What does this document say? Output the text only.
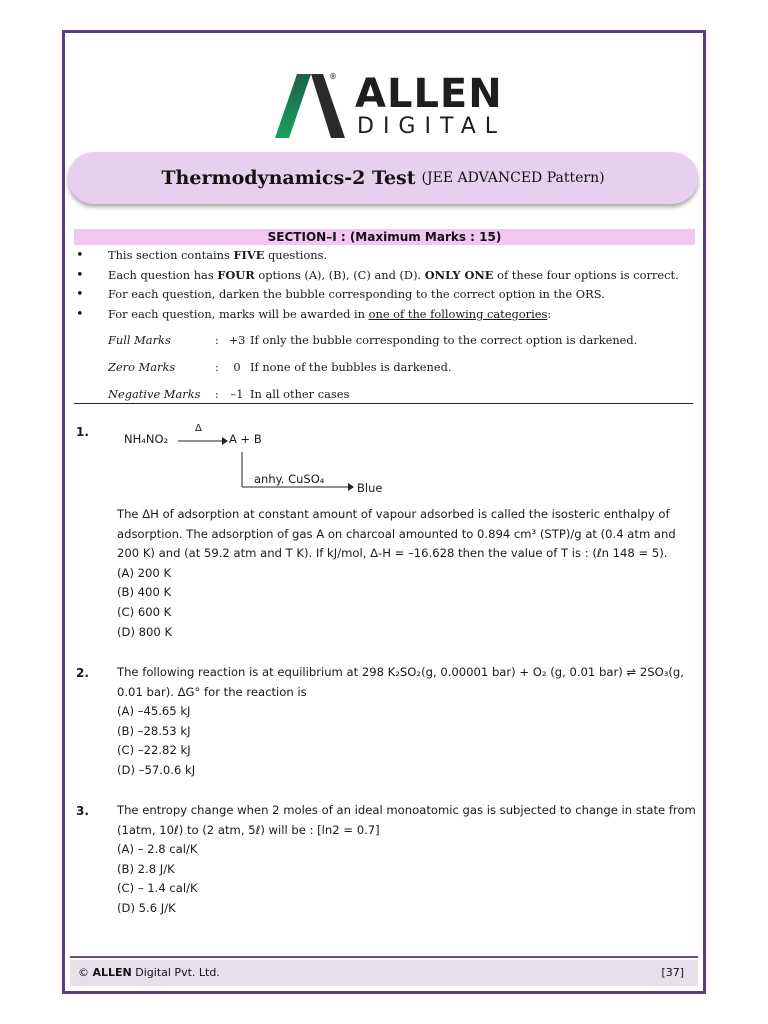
® ALLEN
DIGITAL
Thermodynamics-2 Test (JEE ADVANCED Pattern)
SECTION–I : (Maximum Marks : 15)
• This section contains FIVE questions.
• Each question has FOUR options (A), (B), (C) and (D). ONLY ONE of these four options is correct.
• For each question, darken the bubble corresponding to the correct option in the ORS.
• For each question, marks will be awarded in one of the following categories:
Full Marks	: +3 If only the bubble corresponding to the correct option is darkened.
Zero Marks	:	0 If none of the bubbles is darkened.
Negative Marks :	–1 In all other cases
1.	NH₄NO₂
Δ
→ A + B
anhy. CuSO₄
Blue
The ΔH of adsorption at constant amount of vapour adsorbed is called the isosteric enthalpy of adsorption. The adsorption of gas A on charcoal amounted to 0.894 cm³ (STP)/g at (0.4 atm and 200 K) and (at 59.2 atm and T K). If kJ/mol, Δ-H = –16.628 then the value of T is : (ℓn 148 = 5).
(A) 200 K
(B) 400 K
(C) 600 K
(D) 800 K
2. The following reaction is at equilibrium at 298 K₂SO₂(g, 0.00001 bar) + O₂ (g, 0.01 bar) ⇌ 2SO₃(g, 0.01 bar). ΔG° for the reaction is
(A) –45.65 kJ
(B) –28.53 kJ
(C) –22.82 kJ
(D) –57.0.6 kJ
3. The entropy change when 2 moles of an ideal monoatomic gas is subjected to change in state from (1atm, 10ℓ) to (2 atm, 5ℓ) will be : [ln2 = 0.7]
(A) – 2.8 cal/K
(B) 2.8 J/K
(C) – 1.4 cal/K
(D) 5.6 J/K
© ALLEN Digital Pvt. Ltd.	[37]
